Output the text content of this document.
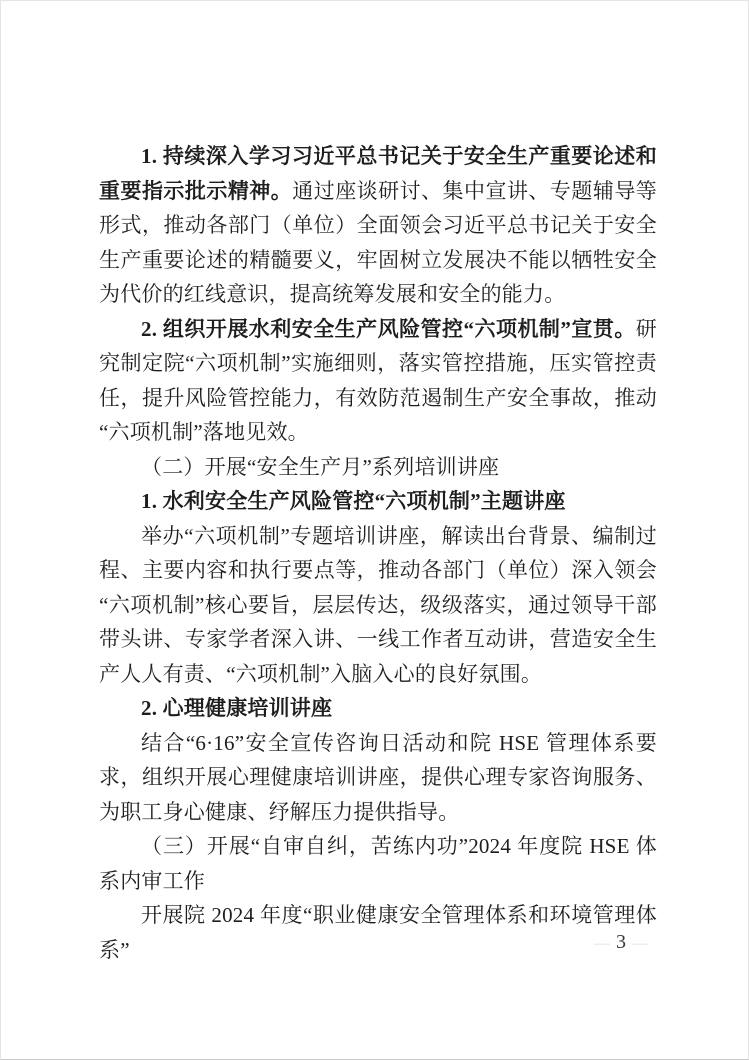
1. 持续深入学习习近平总书记关于安全生产重要论述和重要指示批示精神。通过座谈研讨、集中宣讲、专题辅导等形式，推动各部门（单位）全面领会习近平总书记关于安全生产重要论述的精髓要义，牢固树立发展决不能以牺牲安全为代价的红线意识，提高统筹发展和安全的能力。

2. 组织开展水利安全生产风险管控“六项机制”宣贯。研究制定院“六项机制”实施细则，落实管控措施，压实管控责任，提升风险管控能力，有效防范遏制生产安全事故，推动“六项机制”落地见效。

（二）开展“安全生产月”系列培训讲座

1. 水利安全生产风险管控“六项机制”主题讲座

举办“六项机制”专题培训讲座，解读出台背景、编制过程、主要内容和执行要点等，推动各部门（单位）深入领会“六项机制”核心要旨，层层传达，级级落实，通过领导干部带头讲、专家学者深入讲、一线工作者互动讲，营造安全生产人人有责、“六项机制”入脑入心的良好氛围。

2. 心理健康培训讲座

结合“6·16”安全宣传咨询日活动和院 HSE 管理体系要求，组织开展心理健康培训讲座，提供心理专家咨询服务、为职工身心健康、纾解压力提供指导。

（三）开展“自审自纠，苦练内功”2024 年度院 HSE 体系内审工作

开展院 2024 年度“职业健康安全管理体系和环境管理体系”	— 3 —
